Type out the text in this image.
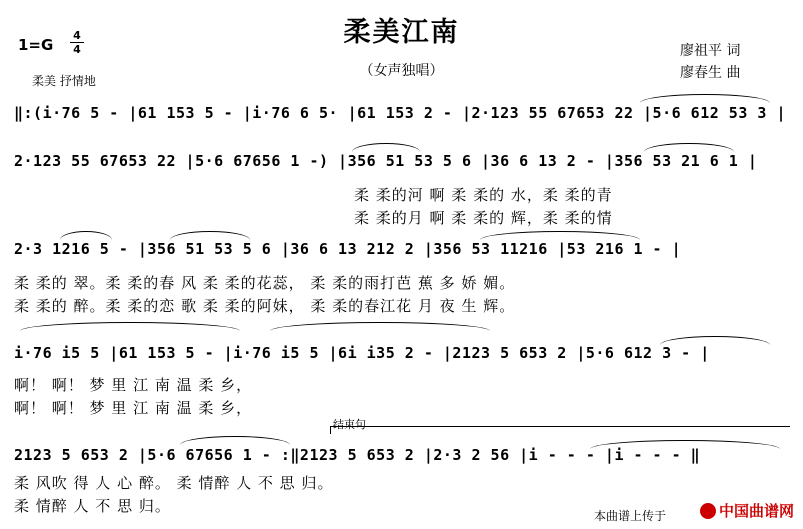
柔美江南
（女声独唱）
1=G
4
4
柔美 抒情地
廖祖平 词
廖春生 曲
‖:(i·76 5 - |61 153 5 - |i·76 6 5· |61 153 2 - |2·123 55 67653 22 |5·6 612 53 3 |
2·123 55 67653 22 |5·6 67656 1 -) |356 51 53 5 6 |36 6 13 2 - |356 53 21 6 1 |
柔 柔的河 啊 柔 柔的 水，柔 柔的青
柔 柔的月 啊 柔 柔的 辉，柔 柔的情
2·3 1216 5 - |356 51 53 5 6 |36 6 13 212 2 |356 53 11216 |53 216 1 - |
柔 柔的 翠。柔 柔的春 风 柔 柔的花蕊， 柔 柔的雨打芭 蕉 多 娇 媚。
柔 柔的 醉。柔 柔的恋 歌 柔 柔的阿妹， 柔 柔的春江花 月 夜 生 辉。
i·76 i5 5 |61 153 5 - |i·76 i5 5 |6i i35 2 - |2123 5 653 2 |5·6 612 3 - |
啊！ 啊！ 梦 里 江 南 温 柔 乡，
啊！ 啊！ 梦 里 江 南 温 柔 乡，
结束句
2123 5 653 2 |5·6 67656 1 - :‖2123 5 653 2 |2·3 2 56 |i - - - |i - - - ‖
柔 风吹 得 人 心 醉。 柔 情醉 人 不 思 归。
柔 情醉 人 不 思 归。
本曲谱上传于	中国曲谱网
